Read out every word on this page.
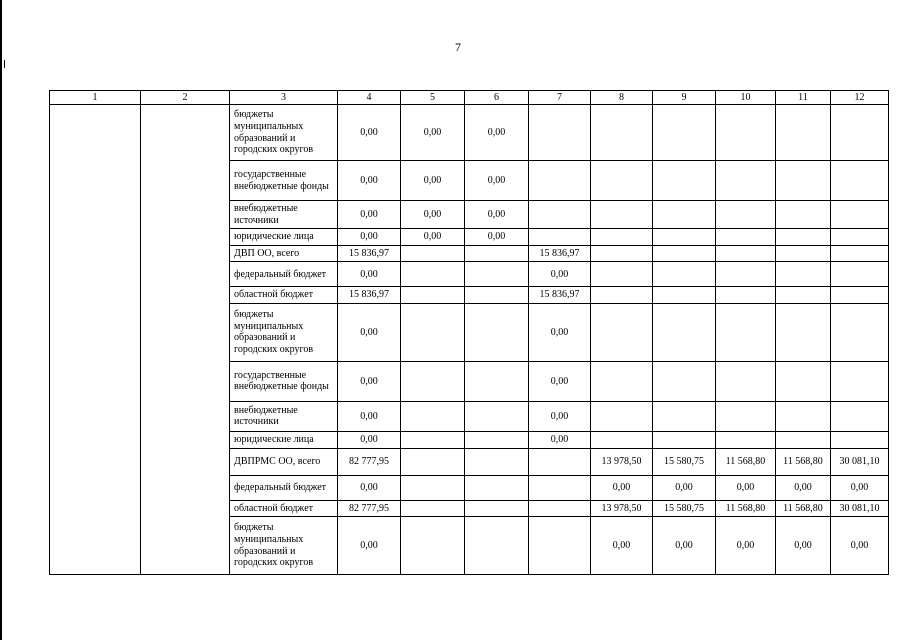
7
1	2	3	4	5	6	7	8	9	10	11	12
		бюджеты муниципальных образований и городских округов	0,00	0,00	0,00						
		государственные внебюджетные фонды	0,00	0,00	0,00						
		внебюджетные источники	0,00	0,00	0,00						
		юридические лица	0,00	0,00	0,00						
		ДВП ОО, всего	15 836,97			15 836,97					
		федеральный бюджет	0,00			0,00					
		областной бюджет	15 836,97			15 836,97					
		бюджеты муниципальных образований и городских округов	0,00			0,00					
		государственные внебюджетные фонды	0,00			0,00					
		внебюджетные источники	0,00			0,00					
		юридические лица	0,00			0,00					
		ДВПРМС ОО, всего	82 777,95				13 978,50	15 580,75	11 568,80	11 568,80	30 081,10
		федеральный бюджет	0,00				0,00	0,00	0,00	0,00	0,00
		областной бюджет	82 777,95				13 978,50	15 580,75	11 568,80	11 568,80	30 081,10
		бюджеты муниципальных образований и городских округов	0,00				0,00	0,00	0,00	0,00	0,00
